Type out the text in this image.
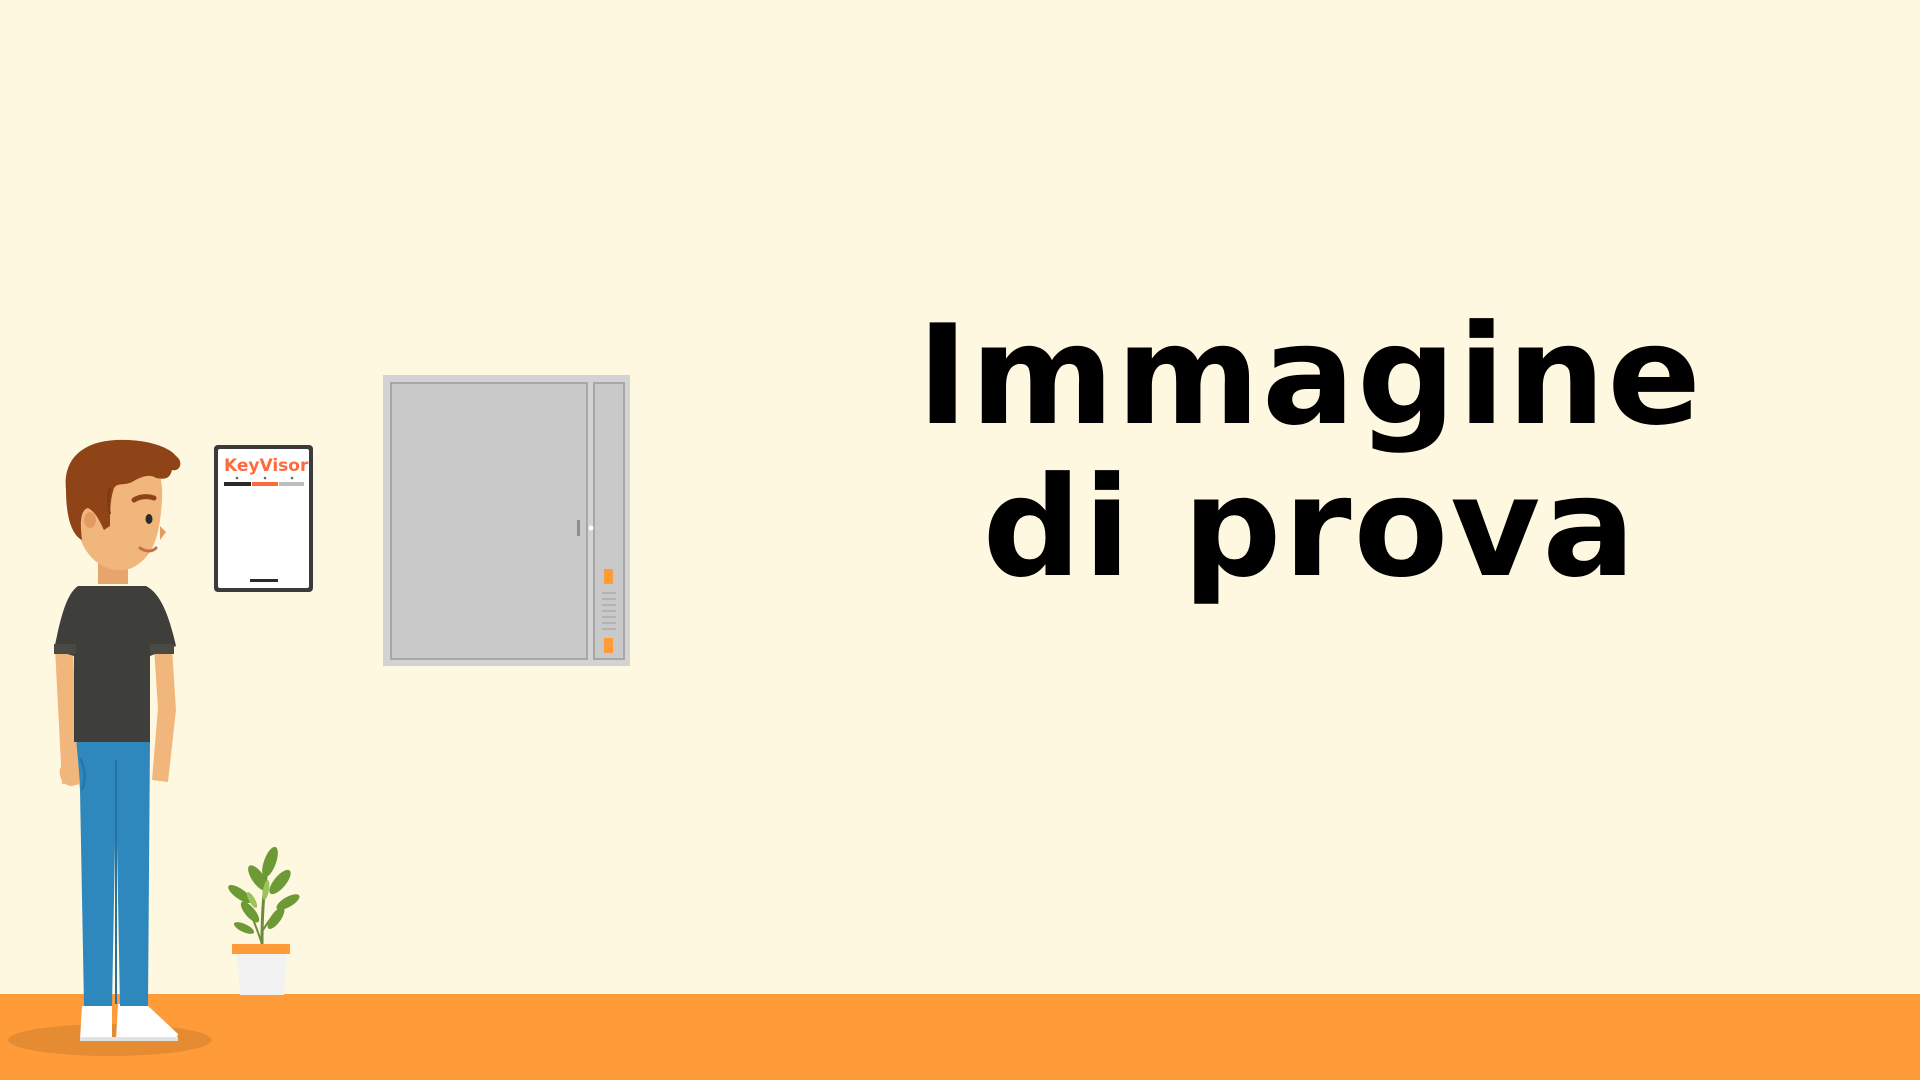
KeyVisor
Immagine
di prova
